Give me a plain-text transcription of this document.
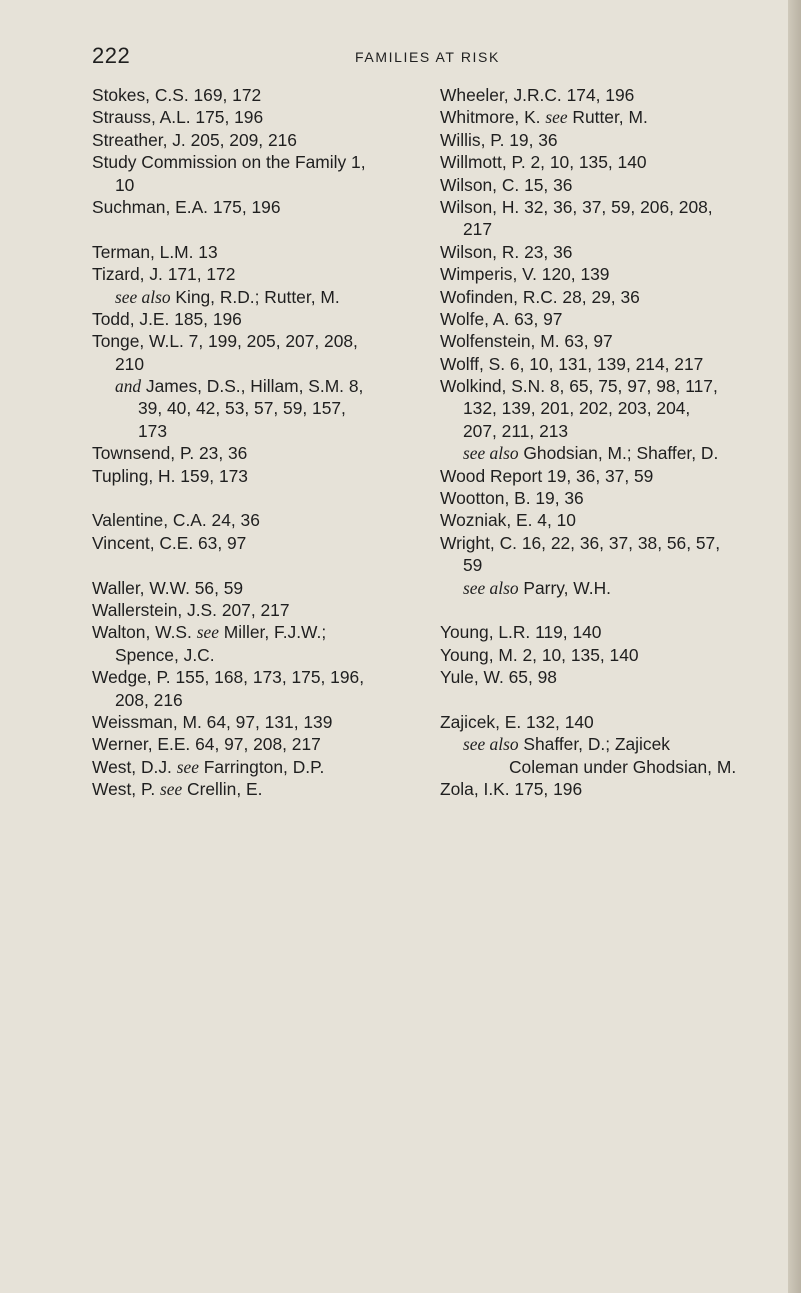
222	FAMILIES AT RISK
Stokes, C.S. 169, 172
Strauss, A.L. 175, 196
Streather, J. 205, 209, 216
Study Commission on the Family 1,
10
Suchman, E.A. 175, 196
Terman, L.M. 13
Tizard, J. 171, 172
see also King, R.D.; Rutter, M.
Todd, J.E. 185, 196
Tonge, W.L. 7, 199, 205, 207, 208,
210
and James, D.S., Hillam, S.M. 8,
39, 40, 42, 53, 57, 59, 157,
173
Townsend, P. 23, 36
Tupling, H. 159, 173
Valentine, C.A. 24, 36
Vincent, C.E. 63, 97
Waller, W.W. 56, 59
Wallerstein, J.S. 207, 217
Walton, W.S. see Miller, F.J.W.;
Spence, J.C.
Wedge, P. 155, 168, 173, 175, 196,
208, 216
Weissman, M. 64, 97, 131, 139
Werner, E.E. 64, 97, 208, 217
West, D.J. see Farrington, D.P.
West, P. see Crellin, E.
Wheeler, J.R.C. 174, 196
Whitmore, K. see Rutter, M.
Willis, P. 19, 36
Willmott, P. 2, 10, 135, 140
Wilson, C. 15, 36
Wilson, H. 32, 36, 37, 59, 206, 208,
217
Wilson, R. 23, 36
Wimperis, V. 120, 139
Wofinden, R.C. 28, 29, 36
Wolfe, A. 63, 97
Wolfenstein, M. 63, 97
Wolff, S. 6, 10, 131, 139, 214, 217
Wolkind, S.N. 8, 65, 75, 97, 98, 117,
132, 139, 201, 202, 203, 204,
207, 211, 213
see also Ghodsian, M.; Shaffer, D.
Wood Report 19, 36, 37, 59
Wootton, B. 19, 36
Wozniak, E. 4, 10
Wright, C. 16, 22, 36, 37, 38, 56, 57,
59
see also Parry, W.H.
Young, L.R. 119, 140
Young, M. 2, 10, 135, 140
Yule, W. 65, 98
Zajicek, E. 132, 140
see also Shaffer, D.; Zajicek
Coleman under Ghodsian, M.
Zola, I.K. 175, 196
